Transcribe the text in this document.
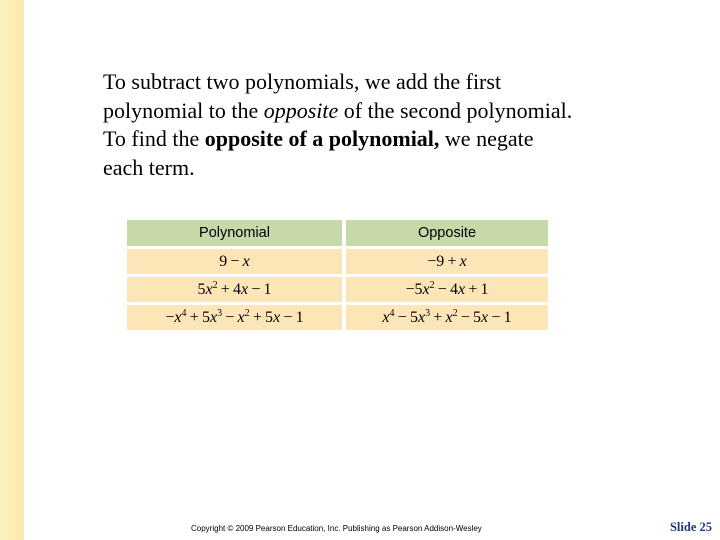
To subtract two polynomials, we add the first
polynomial to the opposite of the second polynomial.
To find the opposite of a polynomial, we negate
each term.
Polynomial	Opposite
9 − x	−9 + x
$5x^2 + 4x - 1$	$-5x^2 - 4x + 1$
$-x^4 + 5x^3 - x^2 + 5x - 1$	$x^4 - 5x^3 + x^2 - 5x - 1$
Copyright © 2009 Pearson Education, Inc. Publishing as Pearson Addison-Wesley	Slide 25
